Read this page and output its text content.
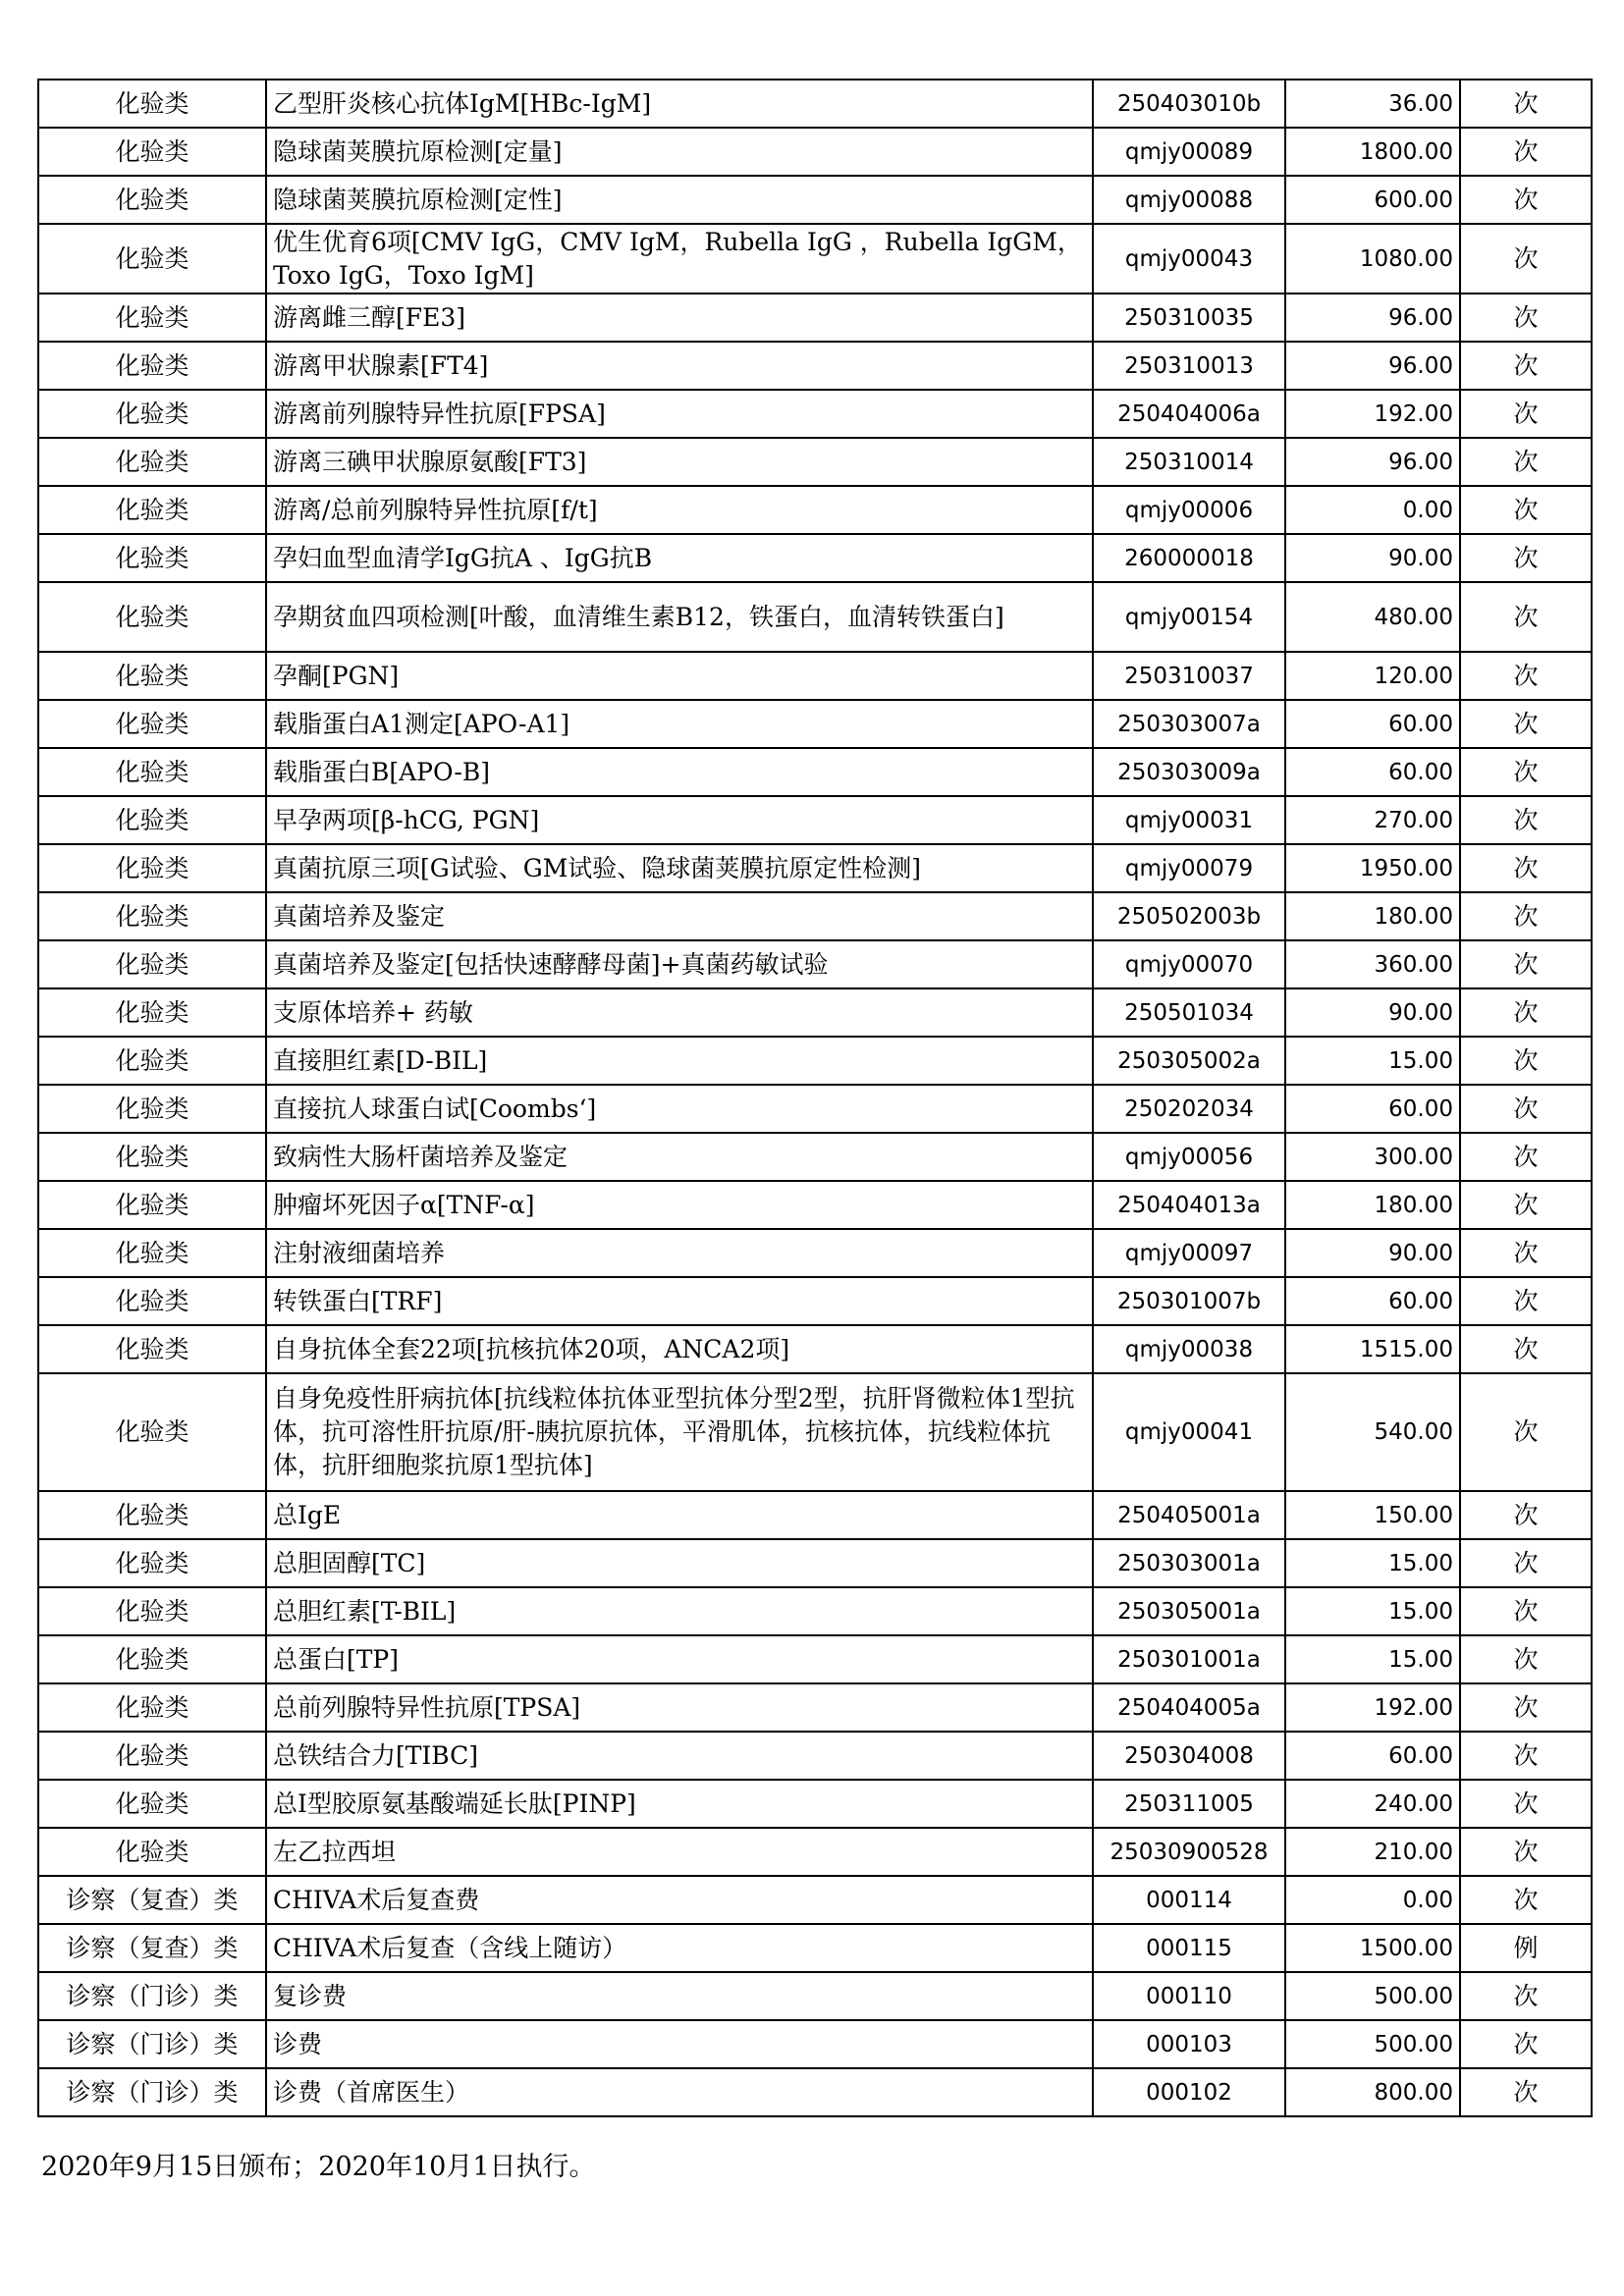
化验类	乙型肝炎核心抗体IgM[HBc-IgM]	250403010b	36.00	次
化验类	隐球菌荚膜抗原检测[定量]	qmjy00089	1800.00	次
化验类	隐球菌荚膜抗原检测[定性]	qmjy00088	600.00	次
化验类	优生优育6项[CMV IgG，CMV IgM，Rubella IgG ，Rubella IgGM，Toxo IgG，Toxo IgM]	qmjy00043	1080.00	次
化验类	游离雌三醇[FE3]	250310035	96.00	次
化验类	游离甲状腺素[FT4]	250310013	96.00	次
化验类	游离前列腺特异性抗原[FPSA]	250404006a	192.00	次
化验类	游离三碘甲状腺原氨酸[FT3]	250310014	96.00	次
化验类	游离/总前列腺特异性抗原[f/t]	qmjy00006	0.00	次
化验类	孕妇血型血清学IgG抗A 、IgG抗B	260000018	90.00	次
化验类	孕期贫血四项检测[叶酸，血清维生素B12，铁蛋白，血清转铁蛋白]	qmjy00154	480.00	次
化验类	孕酮[PGN]	250310037	120.00	次
化验类	载脂蛋白A1测定[APO-A1]	250303007a	60.00	次
化验类	载脂蛋白B[APO-B]	250303009a	60.00	次
化验类	早孕两项[β-hCG, PGN]	qmjy00031	270.00	次
化验类	真菌抗原三项[G试验、GM试验、隐球菌荚膜抗原定性检测]	qmjy00079	1950.00	次
化验类	真菌培养及鉴定	250502003b	180.00	次
化验类	真菌培养及鉴定[包括快速酵酵母菌]+真菌药敏试验	qmjy00070	360.00	次
化验类	支原体培养+ 药敏	250501034	90.00	次
化验类	直接胆红素[D-BIL]	250305002a	15.00	次
化验类	直接抗人球蛋白试[Coombs‘]	250202034	60.00	次
化验类	致病性大肠杆菌培养及鉴定	qmjy00056	300.00	次
化验类	肿瘤坏死因子α[TNF-α]	250404013a	180.00	次
化验类	注射液细菌培养	qmjy00097	90.00	次
化验类	转铁蛋白[TRF]	250301007b	60.00	次
化验类	自身抗体全套22项[抗核抗体20项，ANCA2项]	qmjy00038	1515.00	次
化验类	自身免疫性肝病抗体[抗线粒体抗体亚型抗体分型2型，抗肝肾微粒体1型抗体，抗可溶性肝抗原/肝-胰抗原抗体，平滑肌体，抗核抗体，抗线粒体抗体，抗肝细胞浆抗原1型抗体]	qmjy00041	540.00	次
化验类	总IgE	250405001a	150.00	次
化验类	总胆固醇[TC]	250303001a	15.00	次
化验类	总胆红素[T-BIL]	250305001a	15.00	次
化验类	总蛋白[TP]	250301001a	15.00	次
化验类	总前列腺特异性抗原[TPSA]	250404005a	192.00	次
化验类	总铁结合力[TIBC]	250304008	60.00	次
化验类	总Ⅰ型胶原氨基酸端延长肽[PINP]	250311005	240.00	次
化验类	左乙拉西坦	25030900528	210.00	次
诊察（复查）类	CHIVA术后复查费	000114	0.00	次
诊察（复查）类	CHIVA术后复查（含线上随访）	000115	1500.00	例
诊察（门诊）类	复诊费	000110	500.00	次
诊察（门诊）类	诊费	000103	500.00	次
诊察（门诊）类	诊费（首席医生）	000102	800.00	次
2020年9月15日颁布；2020年10月1日执行。
